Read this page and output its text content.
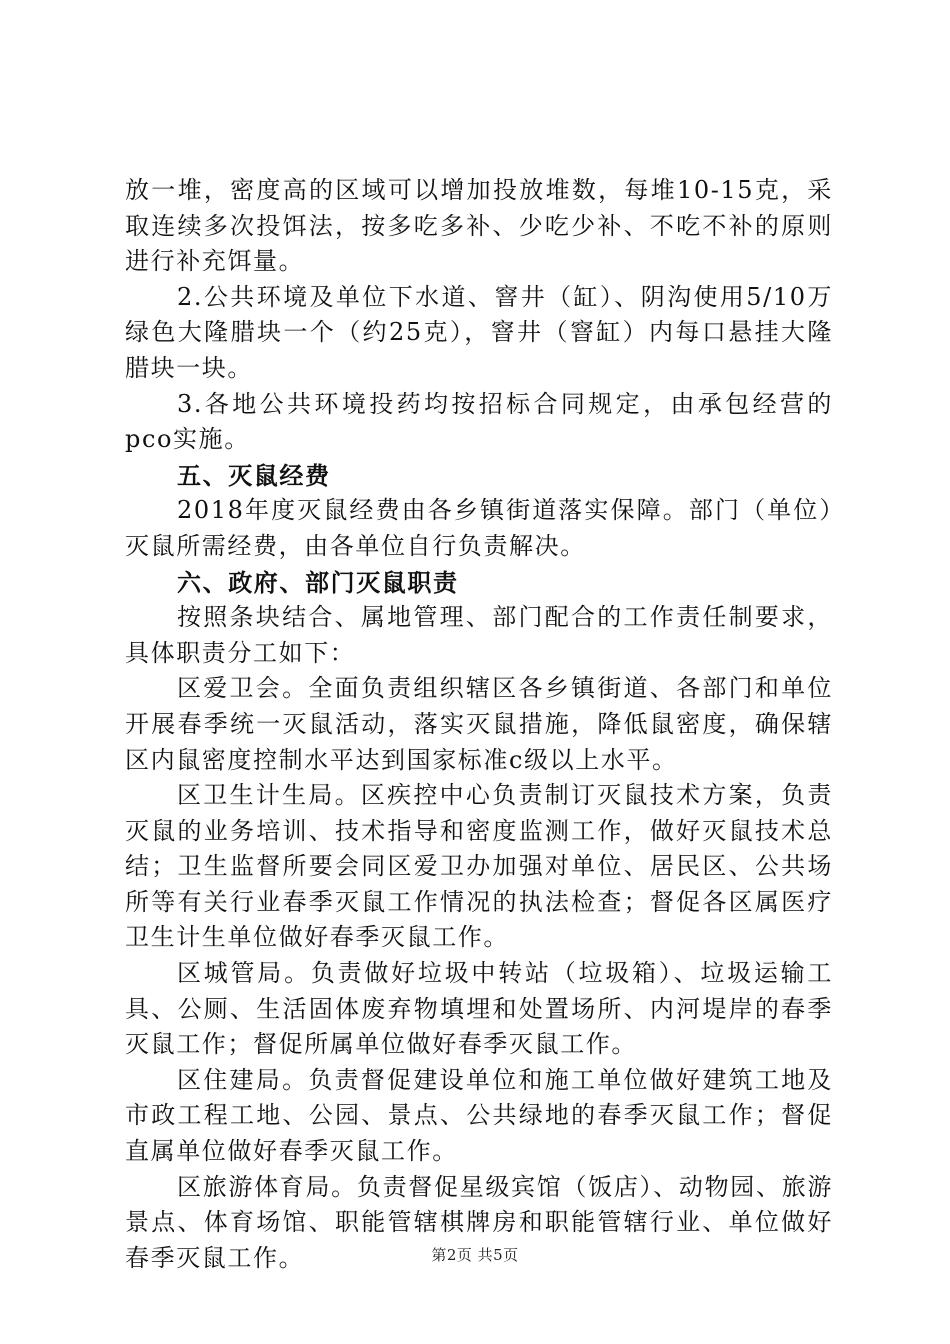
放一堆，密度高的区域可以增加投放堆数，每堆10-15克，采取连续多次投饵法，按多吃多补、少吃少补、不吃不补的原则进行补充饵量。

2.公共环境及单位下水道、窨井（缸）、阴沟使用5/10万绿色大隆腊块一个（约25克），窨井（窨缸）内每口悬挂大隆腊块一块。

3.各地公共环境投药均按招标合同规定，由承包经营的pco实施。

五、灭鼠经费

2018年度灭鼠经费由各乡镇街道落实保障。部门（单位）灭鼠所需经费，由各单位自行负责解决。

六、政府、部门灭鼠职责

按照条块结合、属地管理、部门配合的工作责任制要求，具体职责分工如下：

区爱卫会。全面负责组织辖区各乡镇街道、各部门和单位开展春季统一灭鼠活动，落实灭鼠措施，降低鼠密度，确保辖区内鼠密度控制水平达到国家标准c级以上水平。

区卫生计生局。区疾控中心负责制订灭鼠技术方案，负责灭鼠的业务培训、技术指导和密度监测工作，做好灭鼠技术总结；卫生监督所要会同区爱卫办加强对单位、居民区、公共场所等有关行业春季灭鼠工作情况的执法检查；督促各区属医疗卫生计生单位做好春季灭鼠工作。

区城管局。负责做好垃圾中转站（垃圾箱）、垃圾运输工具、公厕、生活固体废弃物填埋和处置场所、内河堤岸的春季灭鼠工作；督促所属单位做好春季灭鼠工作。

区住建局。负责督促建设单位和施工单位做好建筑工地及市政工程工地、公园、景点、公共绿地的春季灭鼠工作；督促直属单位做好春季灭鼠工作。

区旅游体育局。负责督促星级宾馆（饭店）、动物园、旅游景点、体育场馆、职能管辖棋牌房和职能管辖行业、单位做好春季灭鼠工作。	第2页 共5页
